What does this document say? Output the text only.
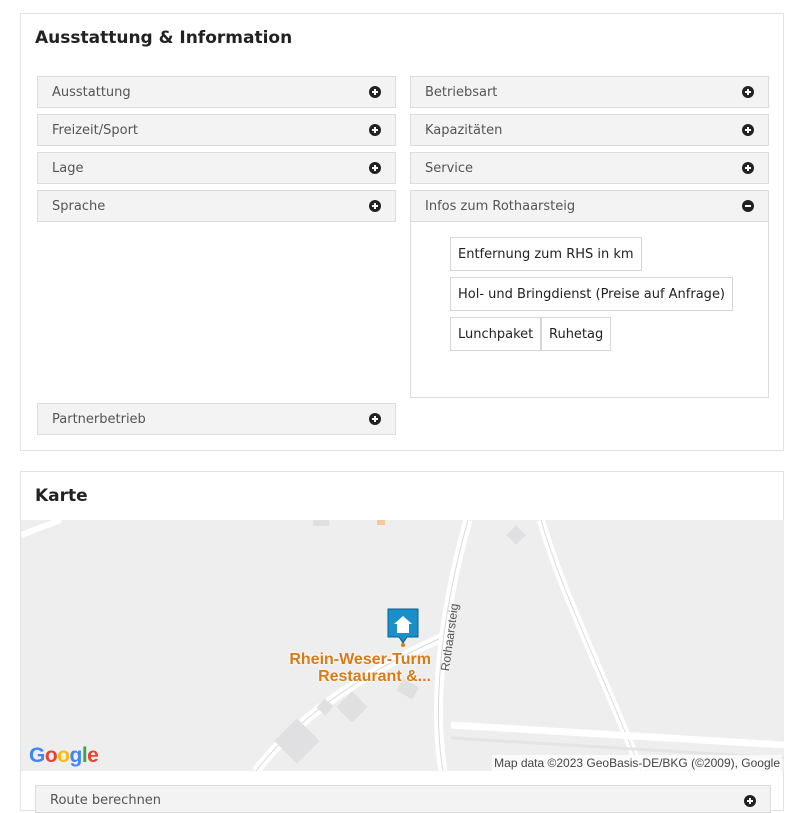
Ausstattung & Information
Ausstattung
Freizeit/Sport
Lage
Sprache
Partnerbetrieb
Betriebsart
Kapazitäten
Service
Infos zum Rothaarsteig
Entfernung zum RHS in km
Hol- und Bringdienst (Preise auf Anfrage)
Lunchpaket	Ruhetag
Karte
Rhein-Weser-Turm
Restaurant &...
Rothaarsteig
Google	Map data ©2023 GeoBasis-DE/BKG (©2009), Google
Route berechnen
